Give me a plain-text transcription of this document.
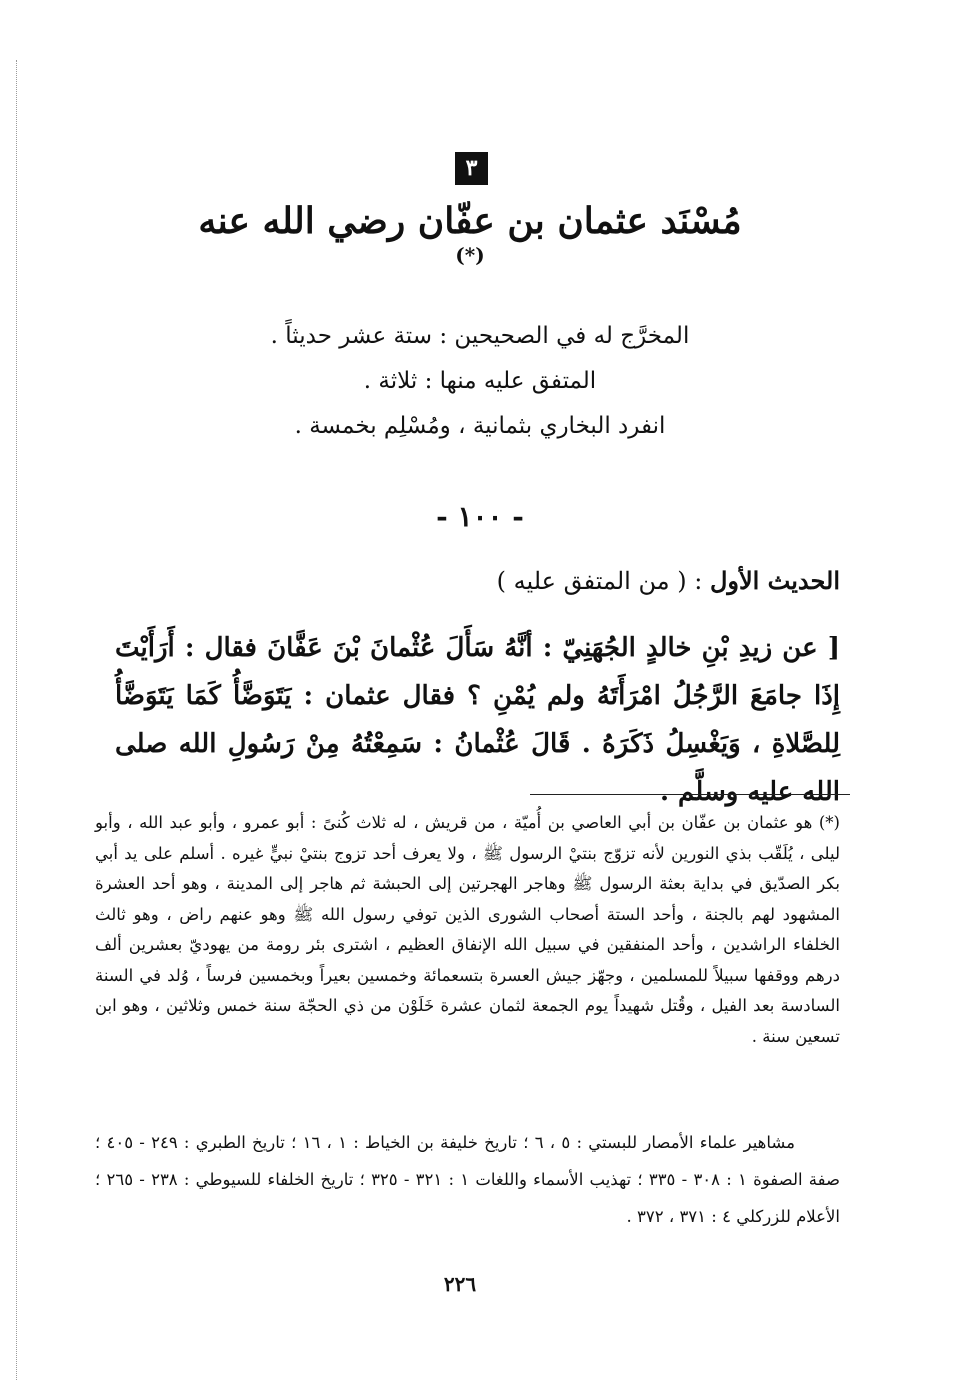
٣
مُسْنَد عثمان بن عفّان رضي الله عنه (*)
المخرَّج له في الصحيحين : ستة عشر حديثاً .
المتفق عليه منها : ثلاثة .
انفرد البخاري بثمانية ، ومُسْلِم بخمسة .
- ١٠٠ -
الحديث الأول : ( من المتفق عليه )
[ عن زيدِ بْنِ خالدٍ الجُهَنِيّ : أنَّهُ سَأَلَ عُثْمانَ بْنَ عَفَّانَ فقال : أَرَأَيْتَ إِذَا جامَعَ الرَّجُلُ امْرَأَتَهُ ولم يُمْنِ ؟ فقال عثمان : يَتَوَضَّأُ كَمَا يَتَوَضَّأُ لِلصَّلاةِ ، وَيَغْسِلُ ذَكَرَهُ . قَالَ عُثْمانُ : سَمِعْتُهُ مِنْ رَسُولِ الله صلى الله عليه وسلَّم .
(*) هو عثمان بن عفّان بن أبي العاصي بن أُميّة ، من قريش ، له ثلاث كُنىً : أبو عمرو ، وأبو عبد الله ، وأبو ليلى ، يُلَقّب بذي النورين لأنه تزوّج بنتيْ الرسول ﷺ ، ولا يعرف أحد تزوج بنتيْ نبيٍّ غيره . أسلم على يد أبي بكر الصدّيق في بداية بعثة الرسول ﷺ وهاجر الهجرتين إلى الحبشة ثم هاجر إلى المدينة ، وهو أحد العشرة المشهود لهم بالجنة ، وأحد الستة أصحاب الشورى الذين توفي رسول الله ﷺ وهو عنهم راض ، وهو ثالث الخلفاء الراشدين ، وأحد المنفقين في سبيل الله الإنفاق العظيم ، اشترى بئر رومة من يهوديّ بعشرين ألف درهم ووقفها سبيلاً للمسلمين ، وجهّز جيش العسرة بتسعمائة وخمسين بعيراً وبخمسين فرساً ، وُلد في السنة السادسة بعد الفيل ، وقُتل شهيداً يوم الجمعة لثمان عشرة خَلَوْن من ذي الحجّة سنة خمس وثلاثين ، وهو ابن تسعين سنة .
مشاهير علماء الأمصار للبستي : ٥ ، ٦ ؛ تاريخ خليفة بن الخياط : ١ ، ١٦ ؛ تاريخ الطبري : ٢٤٩ - ٤٠٥ ؛ صفة الصفوة ١ : ٣٠٨ - ٣٣٥ ؛ تهذيب الأسماء واللغات ١ : ٣٢١ - ٣٢٥ ؛ تاريخ الخلفاء للسيوطي : ٢٣٨ - ٢٦٥ ؛ الأعلام للزركلي ٤ : ٣٧١ ، ٣٧٢ .
٢٢٦
